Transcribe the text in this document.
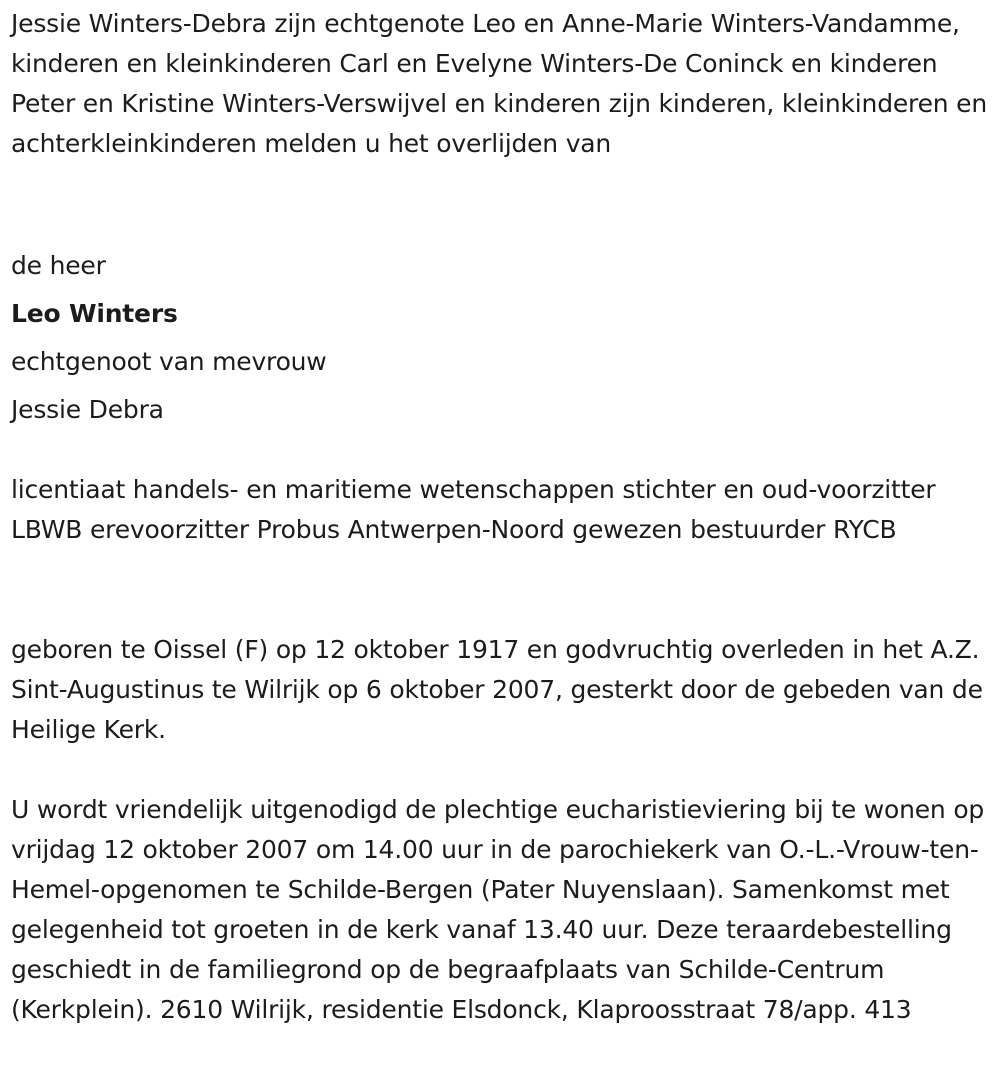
Jessie Winters-Debra zijn echtgenote Leo en Anne-Marie Winters-Vandamme, kinderen en kleinkinderen Carl en Evelyne Winters-De Coninck en kinderen Peter en Kristine Winters-Verswijvel en kinderen zijn kinderen, kleinkinderen en achterkleinkinderen melden u het overlijden van

de heer
Leo Winters
echtgenoot van mevrouw
Jessie Debra

licentiaat handels- en maritieme wetenschappen stichter en oud-voorzitter LBWB erevoorzitter Probus Antwerpen-Noord gewezen bestuurder RYCB

geboren te Oissel (F) op 12 oktober 1917 en godvruchtig overleden in het A.Z. Sint-Augustinus te Wilrijk op 6 oktober 2007, gesterkt door de gebeden van de Heilige Kerk.

U wordt vriendelijk uitgenodigd de plechtige eucharistieviering bij te wonen op vrijdag 12 oktober 2007 om 14.00 uur in de parochiekerk van O.-L.-Vrouw-ten-Hemel-opgenomen te Schilde-Bergen (Pater Nuyenslaan). Samenkomst met gelegenheid tot groeten in de kerk vanaf 13.40 uur. Deze teraardebestelling geschiedt in de familiegrond op de begraafplaats van Schilde-Centrum (Kerkplein). 2610 Wilrijk, residentie Elsdonck, Klaproosstraat 78/app. 413
